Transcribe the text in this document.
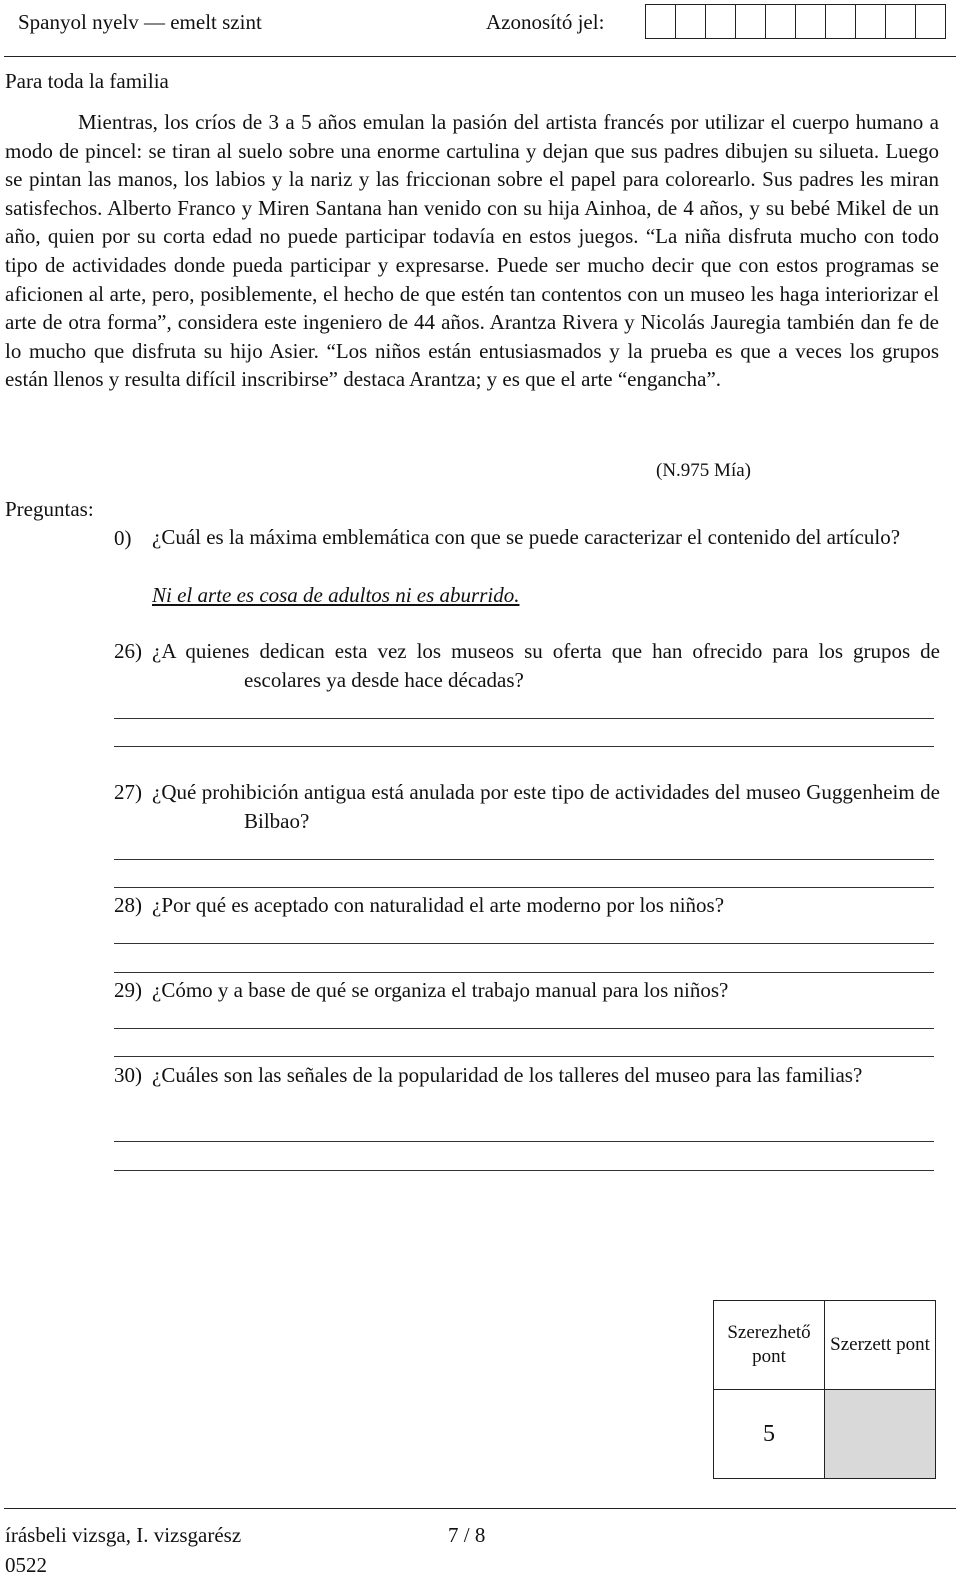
Spanyol nyelv — emelt szint	Azonosító jel:
Para toda la familia
Mientras, los críos de 3 a 5 años emulan la pasión del artista francés por utilizar el cuerpo humano a modo de pincel: se tiran al suelo sobre una enorme cartulina y dejan que sus padres dibujen su silueta. Luego se pintan las manos, los labios y la nariz y las friccionan sobre el papel para colorearlo. Sus padres les miran satisfechos. Alberto Franco y Miren Santana han venido con su hija Ainhoa, de 4 años, y su bebé Mikel de un año, quien por su corta edad no puede participar todavía en estos juegos. “La niña disfruta mucho con todo tipo de actividades donde pueda participar y expresarse. Puede ser mucho decir que con estos programas se aficionen al arte, pero, posiblemente, el hecho de que estén tan contentos con un museo les haga interiorizar el arte de otra forma”, considera este ingeniero de 44 años. Arantza Rivera y Nicolás Jauregia también dan fe de lo mucho que disfruta su hijo Asier. “Los niños están entusiasmados y la prueba es que a veces los grupos están llenos y resulta difícil inscribirse” destaca Arantza; y es que el arte “engancha”.
(N.975 Mía)
Preguntas:
0) ¿Cuál es la máxima emblemática con que se puede caracterizar el contenido del artículo?
Ni el arte es cosa de adultos ni es aburrido.
26) ¿A quienes dedican esta vez los museos su oferta que han ofrecido para los grupos de escolares ya desde hace décadas?
27) ¿Qué prohibición antigua está anulada por este tipo de actividades del museo Guggenheim de Bilbao?
28) ¿Por qué es aceptado con naturalidad el arte moderno por los niños?
29) ¿Cómo y a base de qué se organiza el trabajo manual para los niños?
30) ¿Cuáles son las señales de la popularidad de los talleres del museo para las familias?
Szerezhető pont	Szerzett pont
5	
írásbeli vizsga, I. vizsgarész	7 / 8
0522
